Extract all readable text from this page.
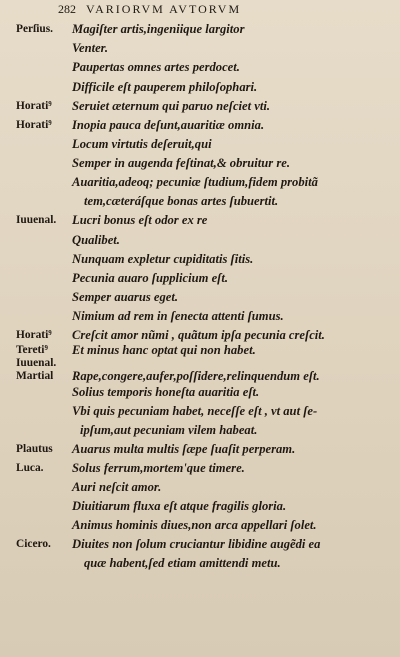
282 VARIORVM AVTORVM
Perſius.	Magiſter artis,ingeniique largitor
Venter.
Paupertas omnes artes perdocet.
Difficile eſt pauperem philoſophari.
Horati⁹	Seruiet æternum qui paruo neſciet vti.
Horati⁹	Inopia pauca deſunt,auaritiæ omnia.
Locum virtutis deſeruit,qui
Semper in augenda feſtinat,& obruitur re.
Auaritia,adeoq; pecuniæ ſtudium,fidem probitã
tem,cæteráſque bonas artes ſubuertit.
Iuuenal.	Lucri bonus eſt odor ex re
Qualibet.
Nunquam expletur cupiditatis ſitis.
Pecunia auaro ſupplicium eſt.
Semper auarus eget.
Nimium ad rem in ſenecta attenti ſumus.
Horati⁹	Creſcit amor nũmi , quãtum ipſa pecunia creſcit.
Tereti⁹	Et minus hanc optat qui non habet.
Iuuenal.
Martial	Rape,congere,aufer,poſſidere,relinquendum eſt.
Solius temporis honeſta auaritia eſt.
Vbi quis pecuniam habet, neceſſe eſt , vt aut ſe-
ipſum,aut pecuniam vilem habeat.
Plautus	Auarus multa multis ſæpe ſuaſit perperam.
Luca.	Solus ferrum,mortem'que timere.
Auri neſcit amor.
Diuitiarum fluxa eſt atque fragilis gloria.
Animus hominis diues,non arca appellari ſolet.
Cicero.	Diuites non ſolum cruciantur libidine augẽdi ea
quæ habent,ſed etiam amittendi metu.
